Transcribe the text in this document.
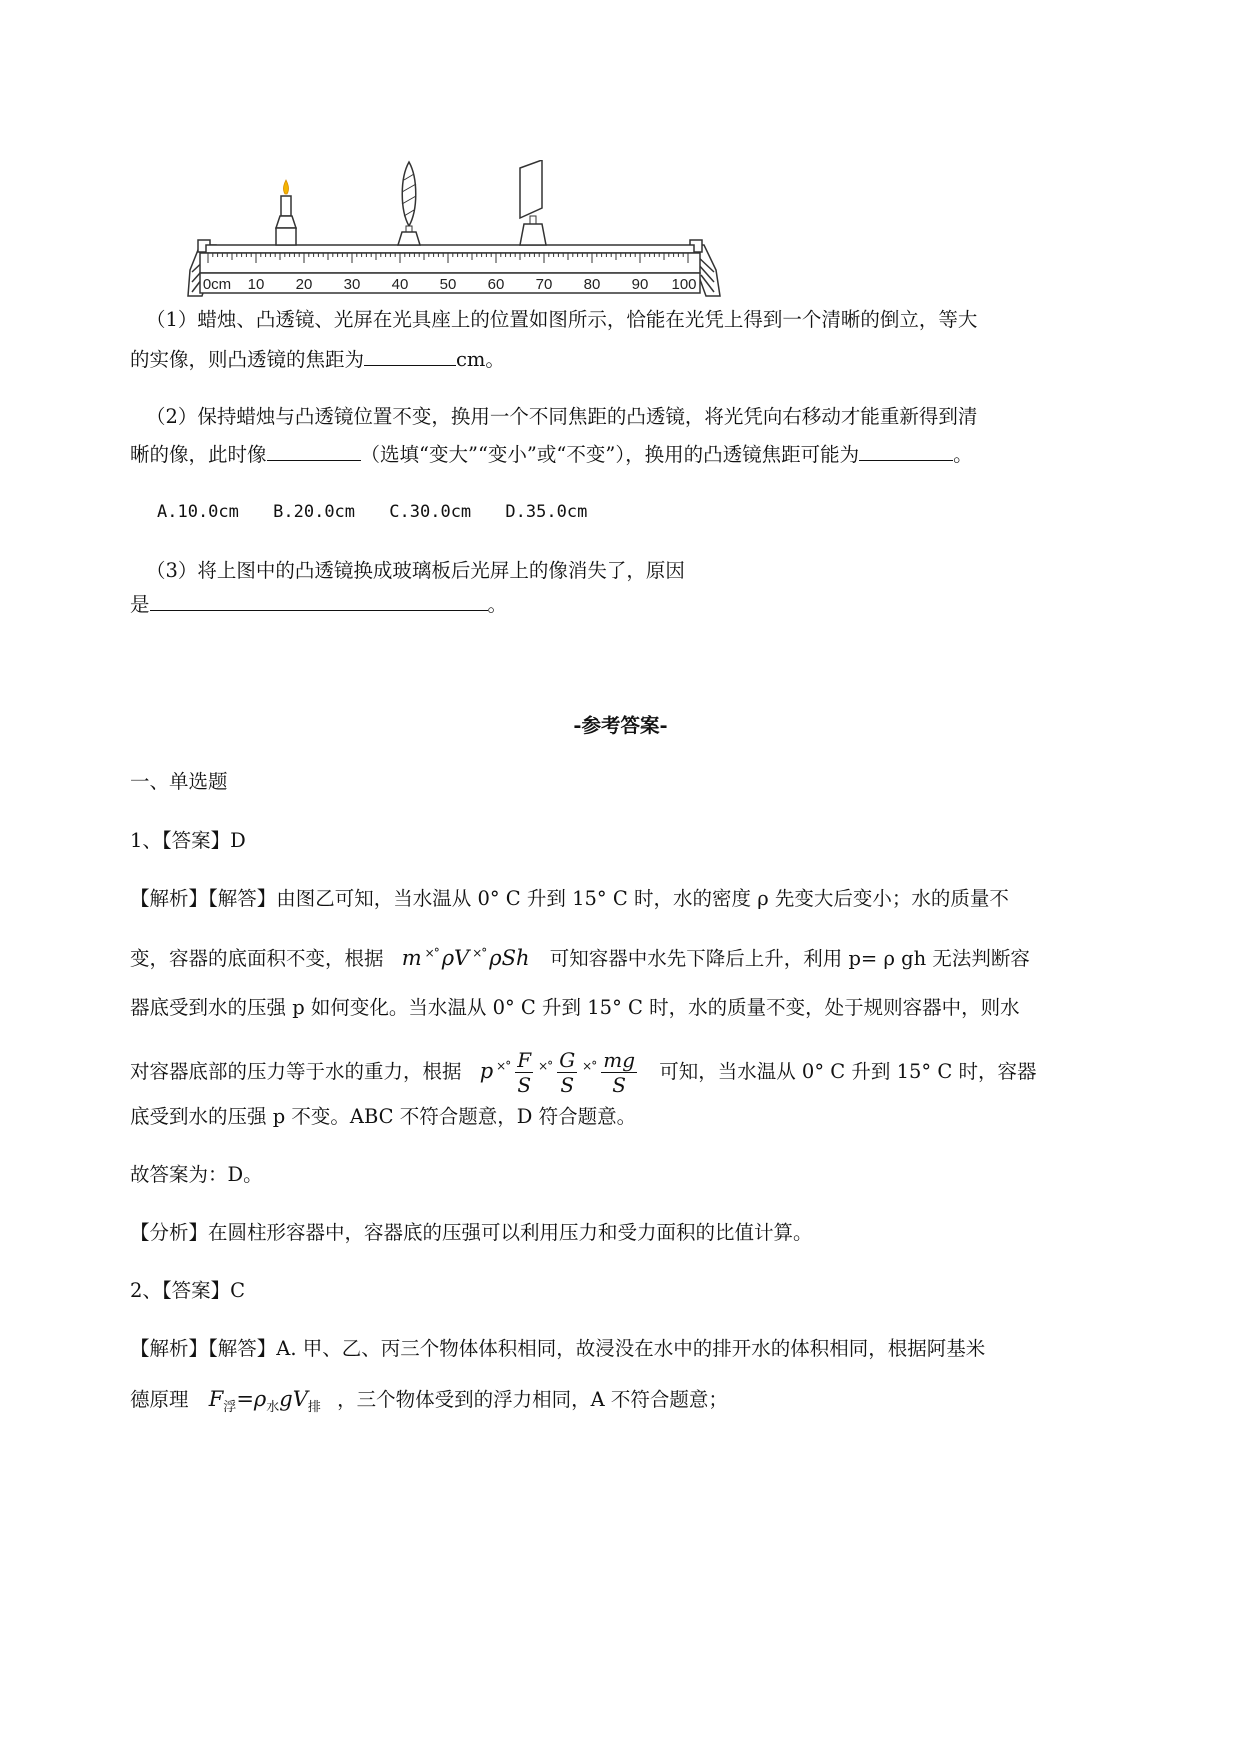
0cm 10 20 30 40 50 60 70 80 90 100
（1）蜡烛、凸透镜、光屏在光具座上的位置如图所示，恰能在光凭上得到一个清晰的倒立，等大
的实像，则凸透镜的焦距为	cm。
（2）保持蜡烛与凸透镜位置不变，换用一个不同焦距的凸透镜，将光凭向右移动才能重新得到清
晰的像，此时像	（选填“变大”“变小”或“不变”），换用的凸透镜焦距可能为	。
A.10.0cm B.20.0cm C.30.0cm D.35.0cm
（3）将上图中的凸透镜换成玻璃板后光屏上的像消失了，原因
是	。
-参考答案-
一、单选题
1、【答案】D
【解析】【解答】由图乙可知，当水温从 0° C 升到 15° C 时，水的密度 ρ 先变大后变小；水的质量不
变，容器的底面积不变，根据 m ×° ρV ×° ρSh 可知容器中水先下降后上升，利用 p= ρ gh 无法判断容
器底受到水的压强 p 如何变化。当水温从 0° C 升到 15° C 时，水的质量不变，处于规则容器中，则水
对容器底部的压力等于水的重力，根据 p $^{\times^\circ} \frac{F}{S} ^{\times^\circ} \frac{G}{S} ^{\times^\circ} \frac{mg}{S}$ 可知，当水温从 0° C 升到 15° C 时，容器
底受到水的压强 p 不变。ABC 不符合题意，D 符合题意。
故答案为：D。
【分析】在圆柱形容器中，容器底的压强可以利用压力和受力面积的比值计算。
2、【答案】C
【解析】【解答】A. 甲、乙、丙三个物体体积相同，故浸没在水中的排开水的体积相同，根据阿基米
德原理 $F_浮=\rho_水gV_排$ ，三个物体受到的浮力相同，A 不符合题意；
